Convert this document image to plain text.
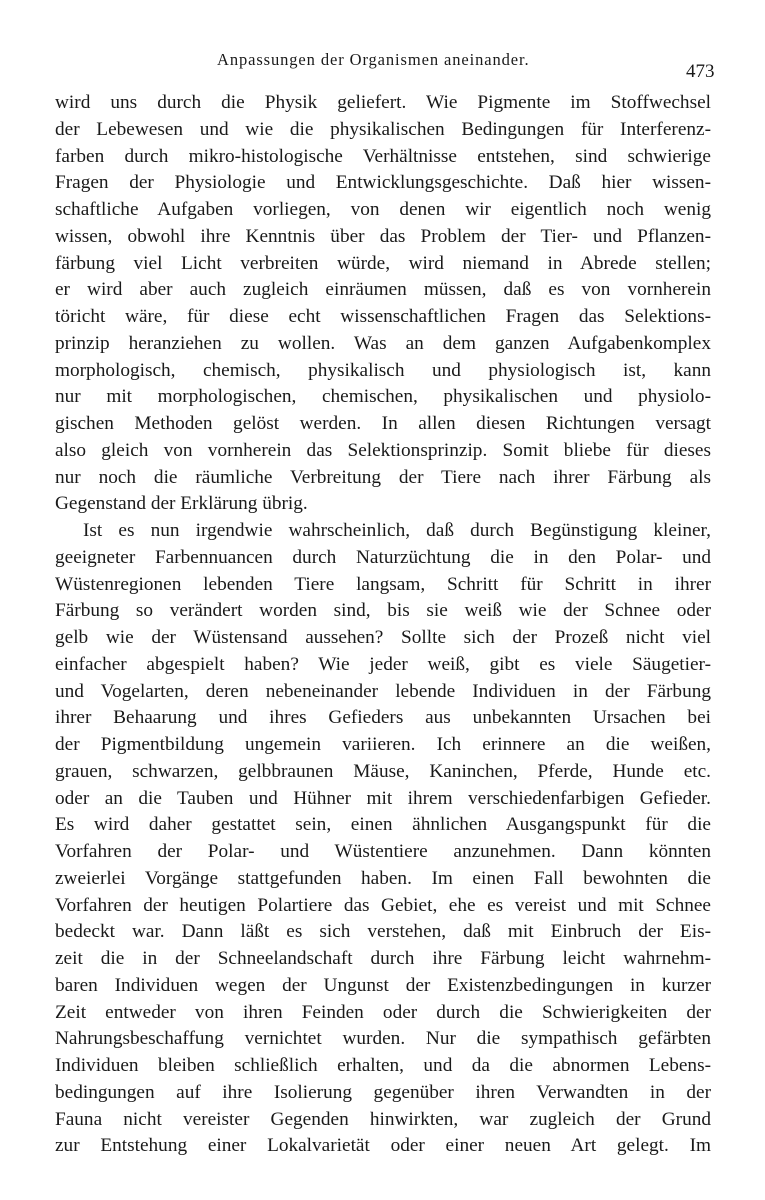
Anpassungen der Organismen aneinander.
473
wird uns durch die Physik geliefert. Wie Pigmente im Stoffwechsel
der Lebewesen und wie die physikalischen Bedingungen für Interferenz-
farben durch mikro-histologische Verhältnisse entstehen, sind schwierige
Fragen der Physiologie und Entwicklungsgeschichte. Daß hier wissen-
schaftliche Aufgaben vorliegen, von denen wir eigentlich noch wenig
wissen, obwohl ihre Kenntnis über das Problem der Tier- und Pflanzen-
färbung viel Licht verbreiten würde, wird niemand in Abrede stellen;
er wird aber auch zugleich einräumen müssen, daß es von vornherein
töricht wäre, für diese echt wissenschaftlichen Fragen das Selektions-
prinzip heranziehen zu wollen. Was an dem ganzen Aufgabenkomplex
morphologisch, chemisch, physikalisch und physiologisch ist, kann
nur mit morphologischen, chemischen, physikalischen und physiolo-
gischen Methoden gelöst werden. In allen diesen Richtungen versagt
also gleich von vornherein das Selektionsprinzip. Somit bliebe für dieses
nur noch die räumliche Verbreitung der Tiere nach ihrer Färbung als
Gegenstand der Erklärung übrig.
Ist es nun irgendwie wahrscheinlich, daß durch Begünstigung kleiner,
geeigneter Farbennuancen durch Naturzüchtung die in den Polar- und
Wüstenregionen lebenden Tiere langsam, Schritt für Schritt in ihrer
Färbung so verändert worden sind, bis sie weiß wie der Schnee oder
gelb wie der Wüstensand aussehen? Sollte sich der Prozeß nicht viel
einfacher abgespielt haben? Wie jeder weiß, gibt es viele Säugetier-
und Vogelarten, deren nebeneinander lebende Individuen in der Färbung
ihrer Behaarung und ihres Gefieders aus unbekannten Ursachen bei
der Pigmentbildung ungemein variieren. Ich erinnere an die weißen,
grauen, schwarzen, gelbbraunen Mäuse, Kaninchen, Pferde, Hunde etc.
oder an die Tauben und Hühner mit ihrem verschiedenfarbigen Gefieder.
Es wird daher gestattet sein, einen ähnlichen Ausgangspunkt für die
Vorfahren der Polar- und Wüstentiere anzunehmen. Dann könnten
zweierlei Vorgänge stattgefunden haben. Im einen Fall bewohnten die
Vorfahren der heutigen Polartiere das Gebiet, ehe es vereist und mit Schnee
bedeckt war. Dann läßt es sich verstehen, daß mit Einbruch der Eis-
zeit die in der Schneelandschaft durch ihre Färbung leicht wahrnehm-
baren Individuen wegen der Ungunst der Existenzbedingungen in kurzer
Zeit entweder von ihren Feinden oder durch die Schwierigkeiten der
Nahrungsbeschaffung vernichtet wurden. Nur die sympathisch gefärbten
Individuen bleiben schließlich erhalten, und da die abnormen Lebens-
bedingungen auf ihre Isolierung gegenüber ihren Verwandten in der
Fauna nicht vereister Gegenden hinwirkten, war zugleich der Grund
zur Entstehung einer Lokalvarietät oder einer neuen Art gelegt. Im
